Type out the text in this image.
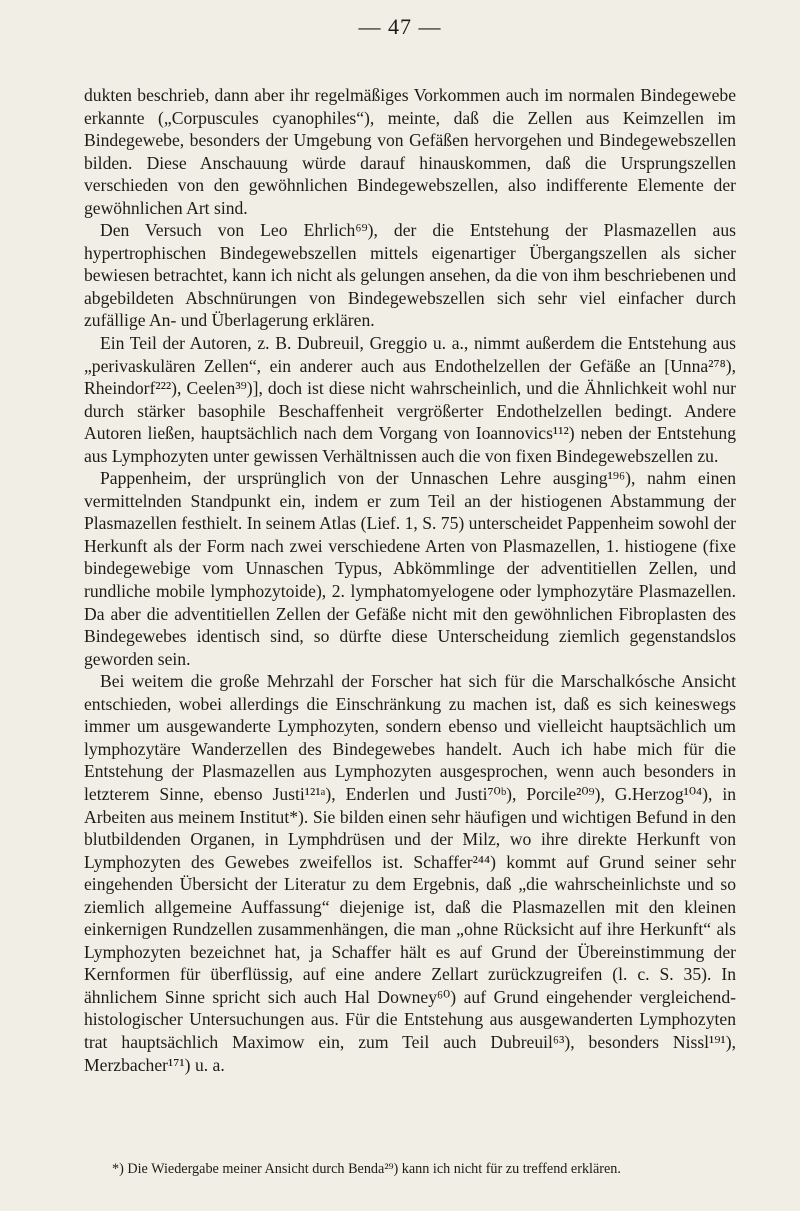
— 47 —

dukten beschrieb, dann aber ihr regelmäßiges Vorkommen auch im normalen Bindegewebe erkannte („Corpuscules cyanophiles“), meinte, daß die Zellen aus Keimzellen im Bindegewebe, besonders der Umgebung von Gefäßen hervorgehen und Bindegewebszellen bilden. Diese Anschauung würde darauf hinauskommen, daß die Ursprungszellen verschieden von den gewöhnlichen Bindegewebszellen, also indifferente Elemente der gewöhnlichen Art sind.

Den Versuch von Leo Ehrlich⁶⁹), der die Entstehung der Plasmazellen aus hypertrophischen Bindegewebszellen mittels eigenartiger Übergangszellen als sicher bewiesen betrachtet, kann ich nicht als gelungen ansehen, da die von ihm beschriebenen und abgebildeten Abschnürungen von Bindegewebszellen sich sehr viel einfacher durch zufällige An- und Überlagerung erklären.

Ein Teil der Autoren, z. B. Dubreuil, Greggio u. a., nimmt außerdem die Entstehung aus „perivaskulären Zellen“, ein anderer auch aus Endothelzellen der Gefäße an [Unna²⁷⁸), Rheindorf²²²), Ceelen³⁹)], doch ist diese nicht wahrscheinlich, und die Ähnlichkeit wohl nur durch stärker basophile Beschaffenheit vergrößerter Endothelzellen bedingt. Andere Autoren ließen, hauptsächlich nach dem Vorgang von Ioannovics¹¹²) neben der Entstehung aus Lymphozyten unter gewissen Verhältnissen auch die von fixen Bindegewebszellen zu.

Pappenheim, der ursprünglich von der Unnaschen Lehre ausging¹⁹⁶), nahm einen vermittelnden Standpunkt ein, indem er zum Teil an der histiogenen Abstammung der Plasmazellen festhielt. In seinem Atlas (Lief. 1, S. 75) unterscheidet Pappenheim sowohl der Herkunft als der Form nach zwei verschiedene Arten von Plasmazellen, 1. histiogene (fixe bindegewebige vom Unnaschen Typus, Abkömmlinge der adventitiellen Zellen, und rundliche mobile lymphozytoide), 2. lymphatomyelogene oder lymphozytäre Plasmazellen. Da aber die adventitiellen Zellen der Gefäße nicht mit den gewöhnlichen Fibroplasten des Bindegewebes identisch sind, so dürfte diese Unterscheidung ziemlich gegenstandslos geworden sein.

Bei weitem die große Mehrzahl der Forscher hat sich für die Marschalkósche Ansicht entschieden, wobei allerdings die Einschränkung zu machen ist, daß es sich keineswegs immer um ausgewanderte Lymphozyten, sondern ebenso und vielleicht hauptsächlich um lymphozytäre Wanderzellen des Bindegewebes handelt. Auch ich habe mich für die Entstehung der Plasmazellen aus Lymphozyten ausgesprochen, wenn auch besonders in letzterem Sinne, ebenso Justi¹²¹ᵃ), Enderlen und Justi⁷⁰ᵇ), Porcile²⁰⁹), G.Herzog¹⁰⁴), in Arbeiten aus meinem Institut*). Sie bilden einen sehr häufigen und wichtigen Befund in den blutbildenden Organen, in Lymphdrüsen und der Milz, wo ihre direkte Herkunft von Lymphozyten des Gewebes zweifellos ist. Schaffer²⁴⁴) kommt auf Grund seiner sehr eingehenden Übersicht der Literatur zu dem Ergebnis, daß „die wahrscheinlichste und so ziemlich allgemeine Auffassung“ diejenige ist, daß die Plasmazellen mit den kleinen einkernigen Rundzellen zusammenhängen, die man „ohne Rücksicht auf ihre Herkunft“ als Lymphozyten bezeichnet hat, ja Schaffer hält es auf Grund der Übereinstimmung der Kernformen für überflüssig, auf eine andere Zellart zurückzugreifen (l. c. S. 35). In ähnlichem Sinne spricht sich auch Hal Downey⁶⁰) auf Grund eingehender vergleichend-histologischer Untersuchungen aus. Für die Entstehung aus ausgewanderten Lymphozyten trat hauptsächlich Maximow ein, zum Teil auch Dubreuil⁶³), besonders Nissl¹⁹¹), Merzbacher¹⁷¹) u. a.

*) Die Wiedergabe meiner Ansicht durch Benda²⁹) kann ich nicht für zu treffend erklären.
